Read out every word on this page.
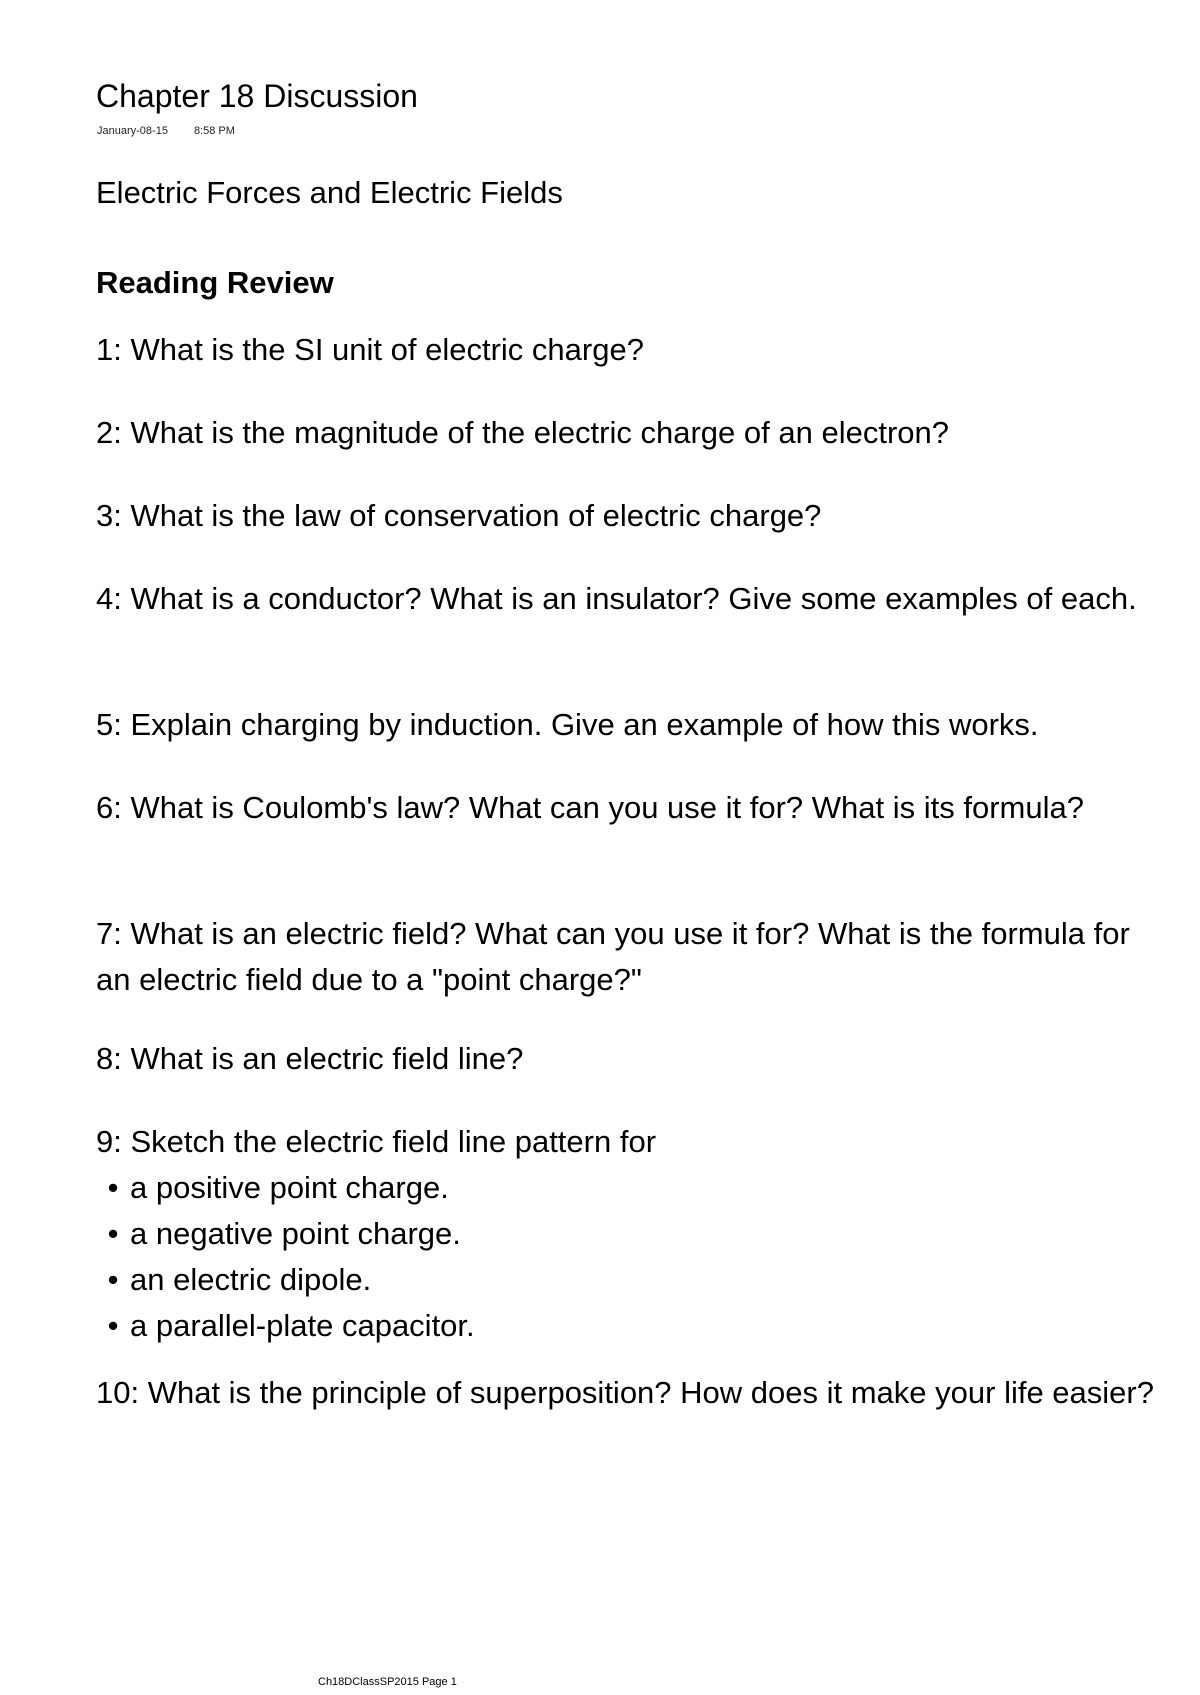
Chapter 18 Discussion
January-08-15 8:58 PM
Electric Forces and Electric Fields
Reading Review

1: What is the SI unit of electric charge?

2: What is the magnitude of the electric charge of an electron?

3: What is the law of conservation of electric charge?

4: What is a conductor? What is an insulator? Give some examples of each.

5: Explain charging by induction. Give an example of how this works.

6: What is Coulomb's law? What can you use it for? What is its formula?

7: What is an electric field? What can you use it for? What is the formula for an electric field due to a "point charge?"

8: What is an electric field line?

9: Sketch the electric field line pattern for

• a positive point charge.
• a negative point charge.
• an electric dipole.
• a parallel-plate capacitor.

10: What is the principle of superposition? How does it make your life easier?

Ch18DClassSP2015 Page 1
